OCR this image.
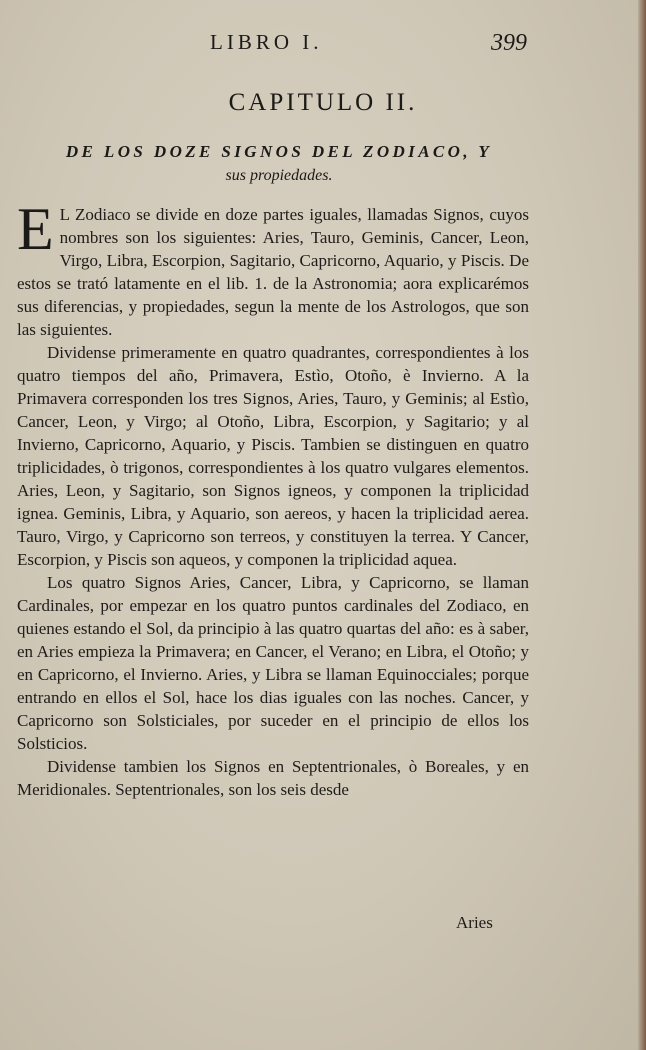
LIBRO I.	399
CAPITULO II.
DE LOS DOZE SIGNOS DEL ZODIACO, Y
sus propiedades.

E L Zodiaco se divide en doze partes iguales, llamadas Signos, cuyos nombres son los siguientes: Aries, Tauro, Geminis, Cancer, Leon, Virgo, Libra, Escorpion, Sagitario, Capricorno, Aquario, y Piscis. De estos se trató latamente en el lib. 1. de la Astronomia; aora explicarémos sus diferencias, y propiedades, segun la mente de los Astrologos, que son las siguientes.

Dividense primeramente en quatro quadrantes, correspondientes à los quatro tiempos del año, Primavera, Estìo, Otoño, è Invierno. A la Primavera corresponden los tres Signos, Aries, Tauro, y Geminis; al Estìo, Cancer, Leon, y Virgo; al Otoño, Libra, Escorpion, y Sagitario; y al Invierno, Capricorno, Aquario, y Piscis. Tambien se distinguen en quatro triplicidades, ò trigonos, correspondientes à los quatro vulgares elementos. Aries, Leon, y Sagitario, son Signos igneos, y componen la triplicidad ignea. Geminis, Libra, y Aquario, son aereos, y hacen la triplicidad aerea. Tauro, Virgo, y Capricorno son terreos, y constituyen la terrea. Y Cancer, Escorpion, y Piscis son aqueos, y componen la triplicidad aquea.

Los quatro Signos Aries, Cancer, Libra, y Capricorno, se llaman Cardinales, por empezar en los quatro puntos cardinales del Zodiaco, en quienes estando el Sol, da principio à las quatro quartas del año: es à saber, en Aries empieza la Primavera; en Cancer, el Verano; en Libra, el Otoño; y en Capricorno, el Invierno. Aries, y Libra se llaman Equinocciales; porque entrando en ellos el Sol, hace los dias iguales con las noches. Cancer, y Capricorno son Solsticiales, por suceder en el principio de ellos los Solsticios.

Dividense tambien los Signos en Septentrionales, ò Boreales, y en Meridionales. Septentrionales, son los seis desde

Aries
